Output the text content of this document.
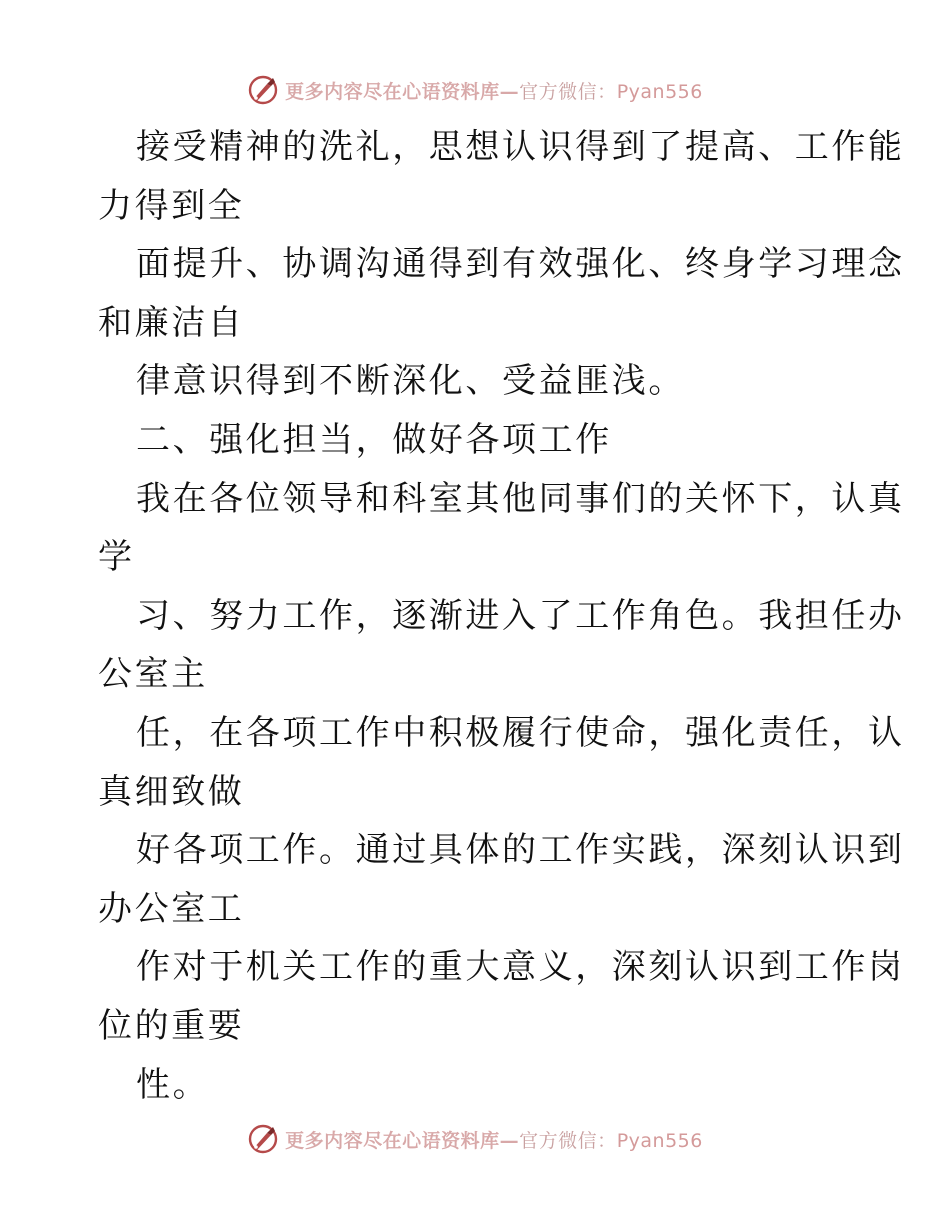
更多内容尽在心语资料库—官方微信：Pyan556
接受精神的洗礼，思想认识得到了提高、工作能
力得到全
面提升、协调沟通得到有效强化、终身学习理念
和廉洁自
律意识得到不断深化、受益匪浅。
二、强化担当，做好各项工作
我在各位领导和科室其他同事们的关怀下，认真
学
习、努力工作，逐渐进入了工作角色。我担任办
公室主
任，在各项工作中积极履行使命，强化责任，认
真细致做
好各项工作。通过具体的工作实践，深刻认识到
办公室工
作对于机关工作的重大意义，深刻认识到工作岗
位的重要
性。
更多内容尽在心语资料库—官方微信：Pyan556
